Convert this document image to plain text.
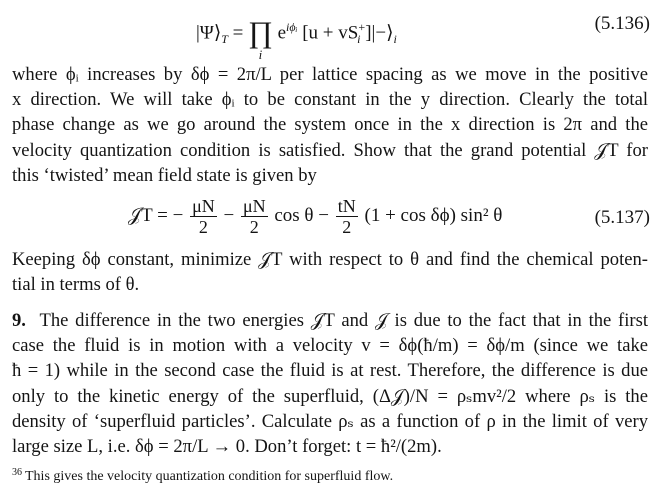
$|\Psi⟩_T$ = ∏
i
$e^{i\phi ᵢ}$ [$u + vS^+_i$ ]$|-⟩_i$
(5.136)
where ϕᵢ increases by δϕ = 2π/L per lattice spacing as we move in the positive
x direction. We will take ϕᵢ to be constant in the y direction. Clearly the total
phase change as we go around the system once in the x direction is 2π and the
velocity quantization condition is satisfied. Show that the grand potential 𝒥T for
this ‘twisted’ mean field state is given by
𝒥T = − $\frac{\mu N}{2} - \frac{\mu N}{2}$ $\cos \theta - \frac{tN}{2} (1 + \cos \delta\phi)$ sin² θ	(5.137)
Keeping δϕ constant, minimize 𝒥T with respect to θ and find the chemical poten-
tial in terms of θ.
9. The difference in the two energies 𝒥T and 𝒥 is due to the fact that in the first
case the fluid is in motion with a velocity v = δϕ(ħ/m) = δϕ/m (since we take
ħ = 1) while in the second case the fluid is at rest. Therefore, the difference is due
only to the kinetic energy of the superfluid, (Δ𝒥)/N = ρₛmv²/2 where ρₛ is the
density of ‘superfluid particles’. Calculate ρₛ as a function of ρ in the limit of very
large size L, i.e. δϕ = 2π/L → 0. Don’t forget: t = ħ²/(2m).
$^{36}$ This gives the velocity quantization condition for superfluid flow.
